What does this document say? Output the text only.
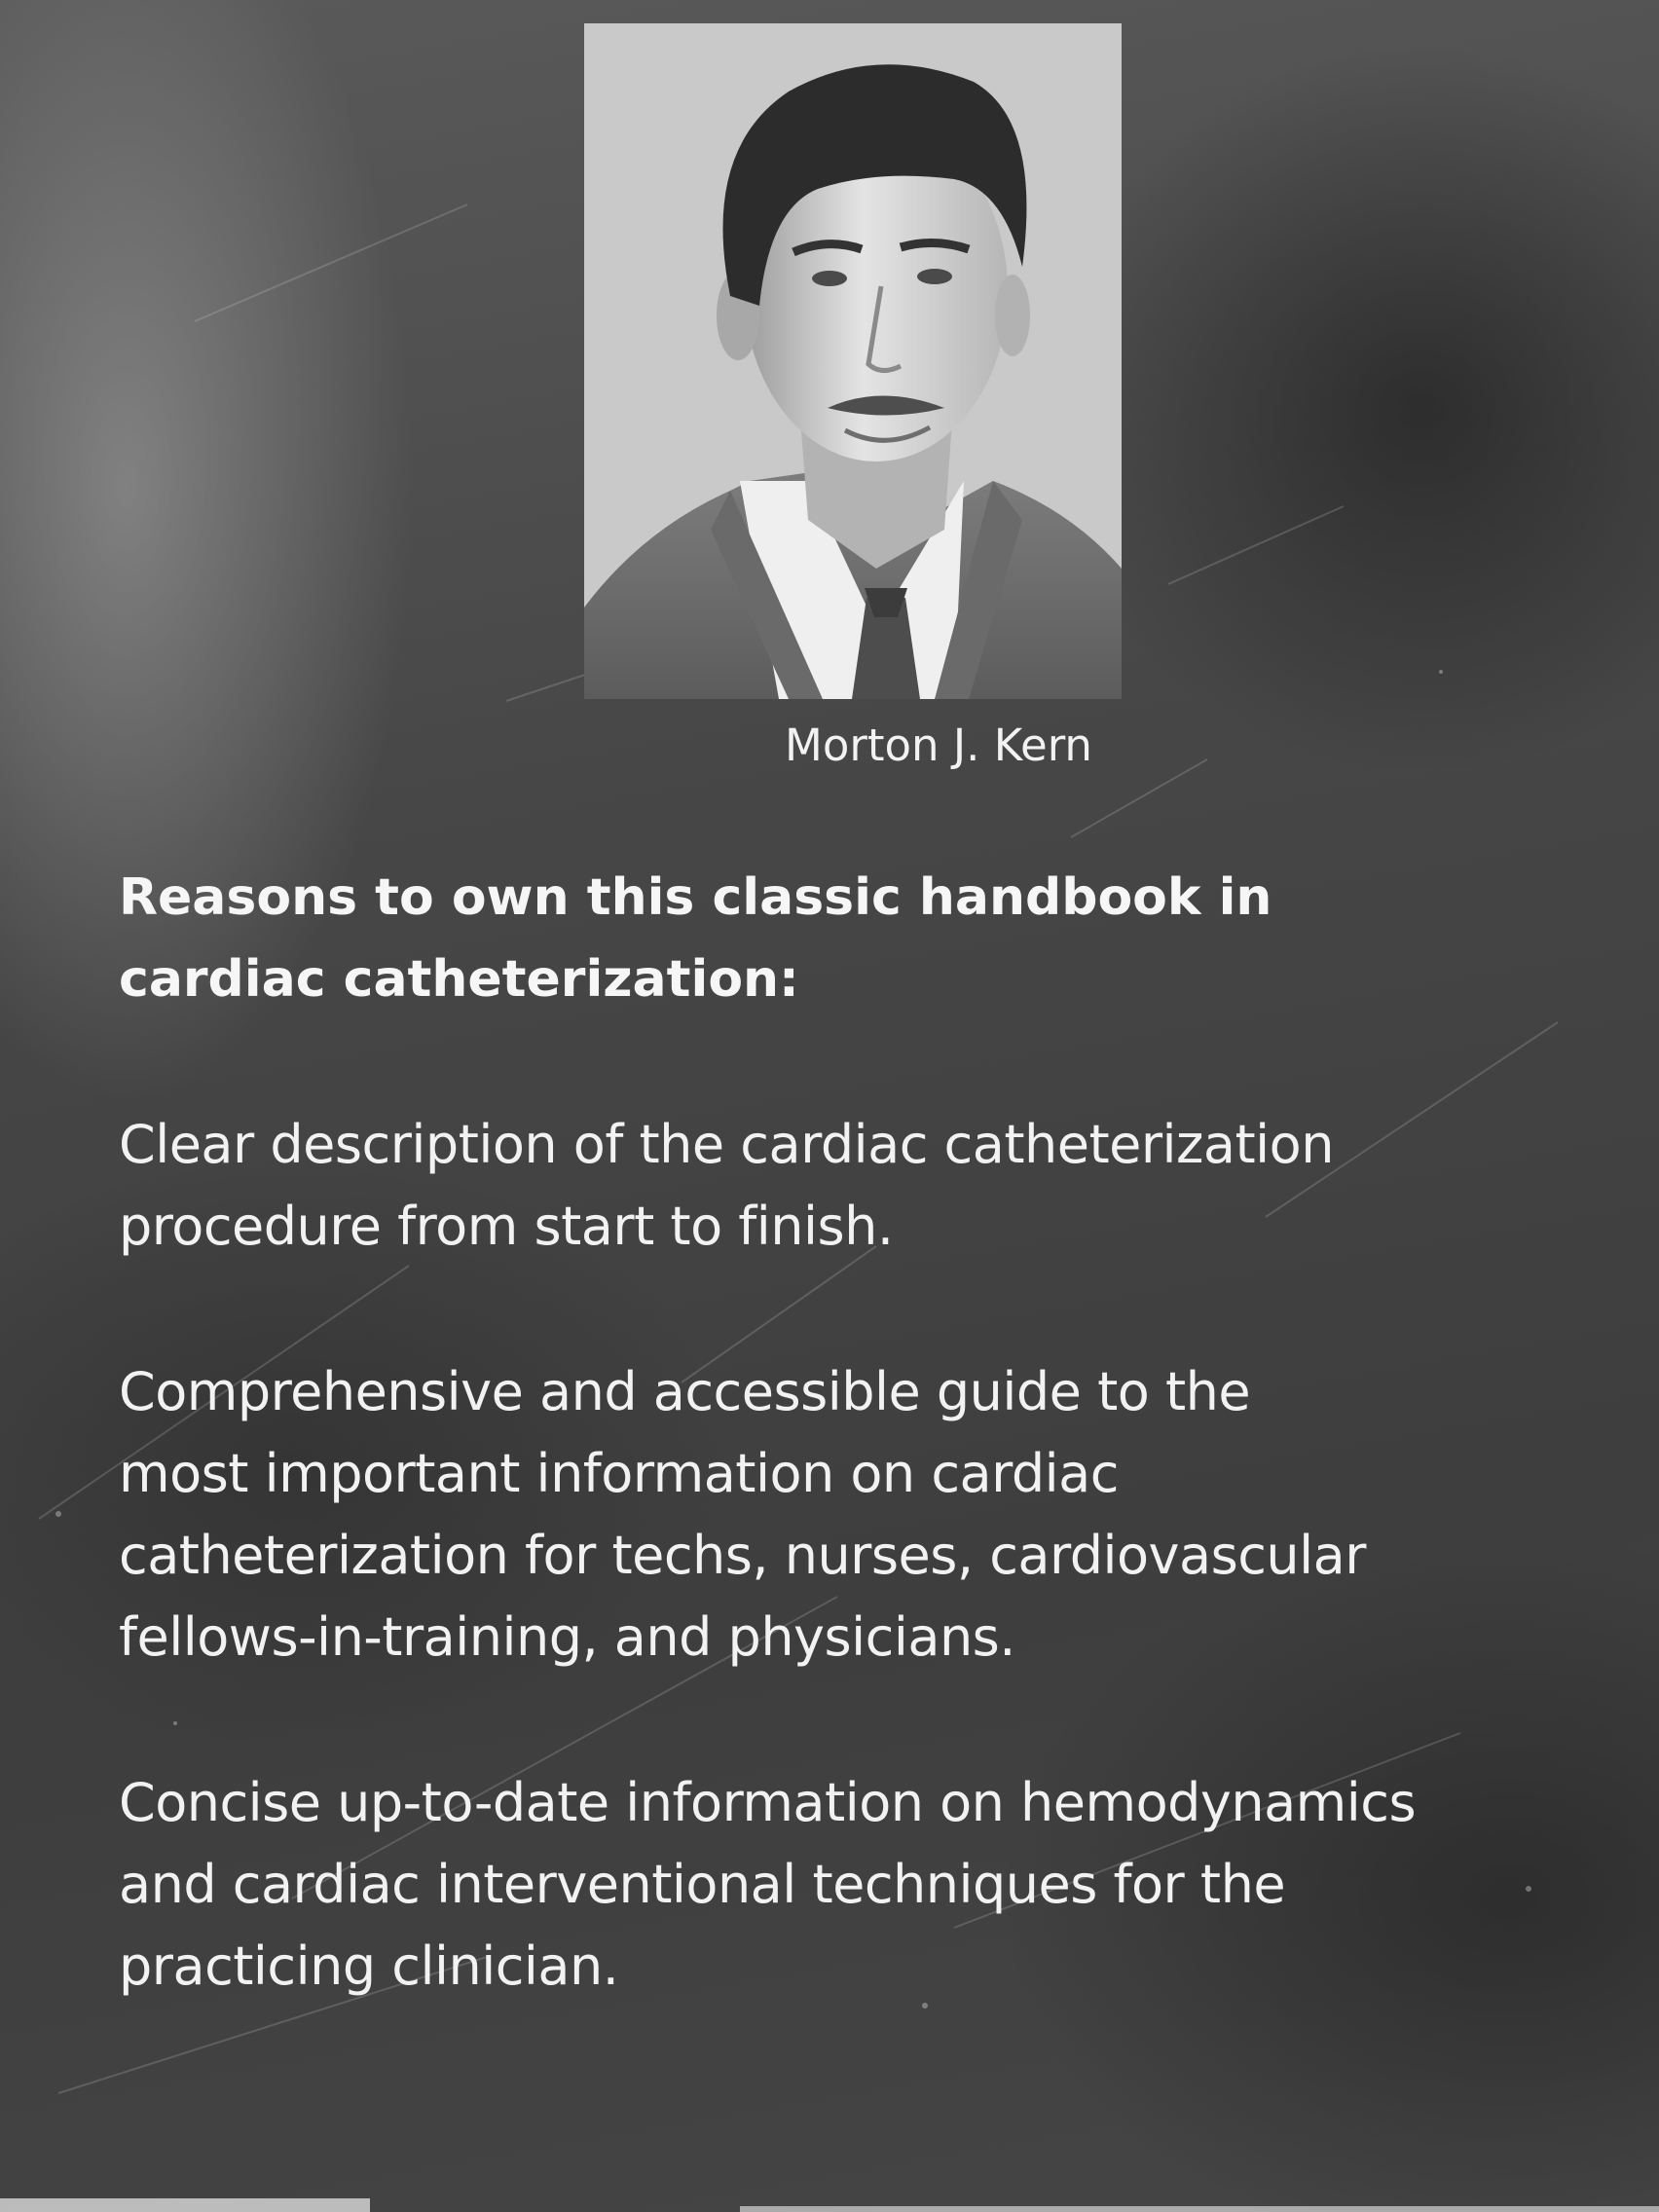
Morton J. Kern
Reasons to own this classic handbook in
cardiac catheterization:
Clear description of the cardiac catheterization
procedure from start to finish.
Comprehensive and accessible guide to the
most important information on cardiac
catheterization for techs, nurses, cardiovascular
fellows-in-training, and physicians.
Concise up-to-date information on hemodynamics
and cardiac interventional techniques for the
practicing clinician.
